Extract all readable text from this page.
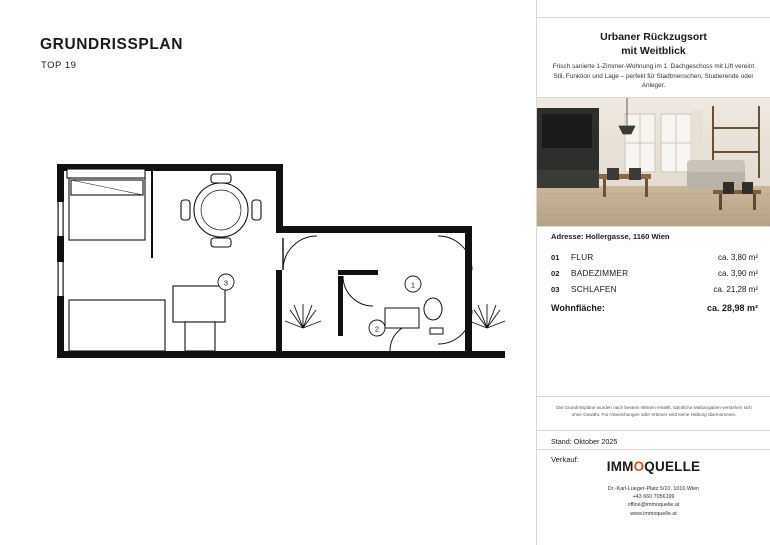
GRUNDRISSPLAN
TOP 19
1
2
3
Urbaner Rückzugsort
mit Weitblick
Frisch sanierte 1-Zimmer-Wohnung im 1. Dachgeschoss mit Lift vereint Stil, Funktion und Lage – perfekt für Stadtmenschen, Studierende oder Anleger.
Adresse: Hollergasse, 1160 Wien
01	FLUR	ca. 3,80 m²
02	BADEZIMMER	ca. 3,90 m²
03	SCHLAFEN	ca. 21,28 m²
Wohnfläche:	ca. 28,98 m²
Die Grundrisspläne wurden nach bestem Wissen erstellt, sämtliche Maßangaben verstehen sich ohne Gewähr. Für Abweichungen oder Irrtümer wird keine Haftung übernommen.
Stand: Oktober 2025
Verkauf:	IMMOQUELLE
Dr.-Karl-Lueger-Platz 5/10, 1010 Wien
+43 660 7056199
office@immoquelle.at
www.immoquelle.at
